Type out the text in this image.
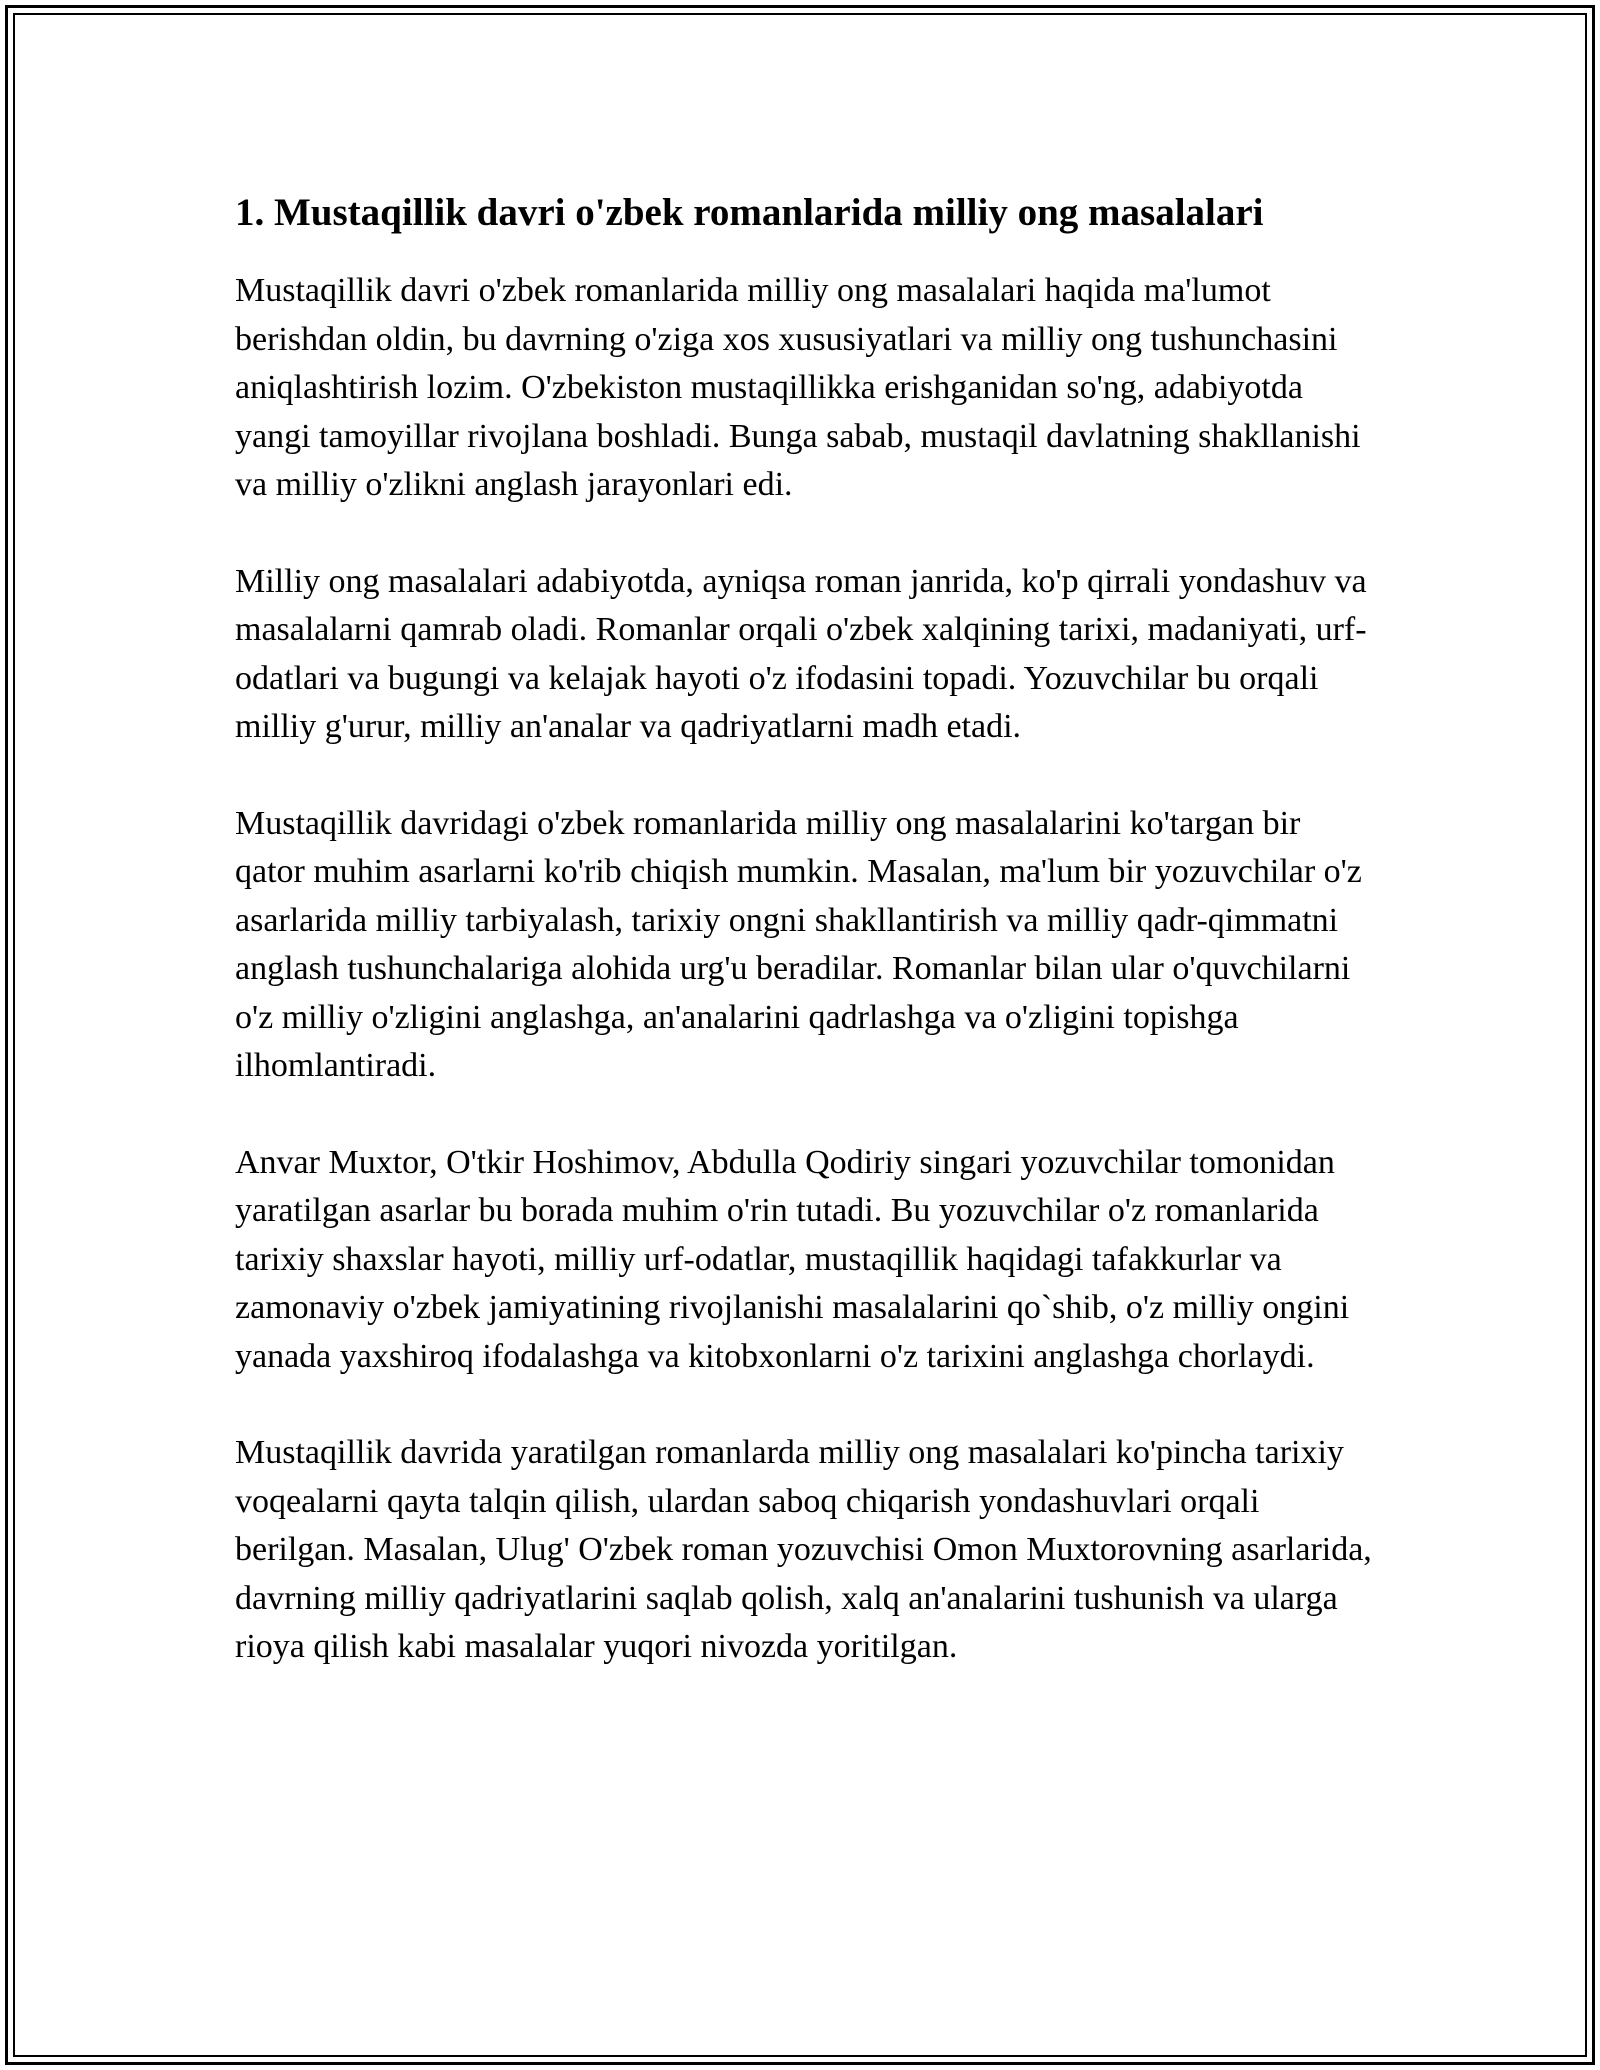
1. Mustaqillik davri o'zbek romanlarida milliy ong masalalari

Mustaqillik davri o'zbek romanlarida milliy ong masalalari haqida ma'lumot berishdan oldin, bu davrning o'ziga xos xususiyatlari va milliy ong tushunchasini aniqlashtirish lozim. O'zbekiston mustaqillikka erishganidan so'ng, adabiyotda yangi tamoyillar rivojlana boshladi. Bunga sabab, mustaqil davlatning shakllanishi va milliy o'zlikni anglash jarayonlari edi.

Milliy ong masalalari adabiyotda, ayniqsa roman janrida, ko'p qirrali yondashuv va masalalarni qamrab oladi. Romanlar orqali o'zbek xalqining tarixi, madaniyati, urf-odatlari va bugungi va kelajak hayoti o'z ifodasini topadi. Yozuvchilar bu orqali milliy g'urur, milliy an'analar va qadriyatlarni madh etadi.

Mustaqillik davridagi o'zbek romanlarida milliy ong masalalarini ko'targan bir qator muhim asarlarni ko'rib chiqish mumkin. Masalan, ma'lum bir yozuvchilar o'z asarlarida milliy tarbiyalash, tarixiy ongni shakllantirish va milliy qadr-qimmatni anglash tushunchalariga alohida urg'u beradilar. Romanlar bilan ular o'quvchilarni o'z milliy o'zligini anglashga, an'analarini qadrlashga va o'zligini topishga ilhomlantiradi.

Anvar Muxtor, O'tkir Hoshimov, Abdulla Qodiriy singari yozuvchilar tomonidan yaratilgan asarlar bu borada muhim o'rin tutadi. Bu yozuvchilar o'z romanlarida tarixiy shaxslar hayoti, milliy urf-odatlar, mustaqillik haqidagi tafakkurlar va zamonaviy o'zbek jamiyatining rivojlanishi masalalarini qo`shib, o'z milliy ongini yanada yaxshiroq ifodalashga va kitobxonlarni o'z tarixini anglashga chorlaydi.

Mustaqillik davrida yaratilgan romanlarda milliy ong masalalari ko'pincha tarixiy voqealarni qayta talqin qilish, ulardan saboq chiqarish yondashuvlari orqali berilgan. Masalan, Ulug' O'zbek roman yozuvchisi Omon Muxtorovning asarlarida, davrning milliy qadriyatlarini saqlab qolish, xalq an'analarini tushunish va ularga rioya qilish kabi masalalar yuqori nivozda yoritilgan.
